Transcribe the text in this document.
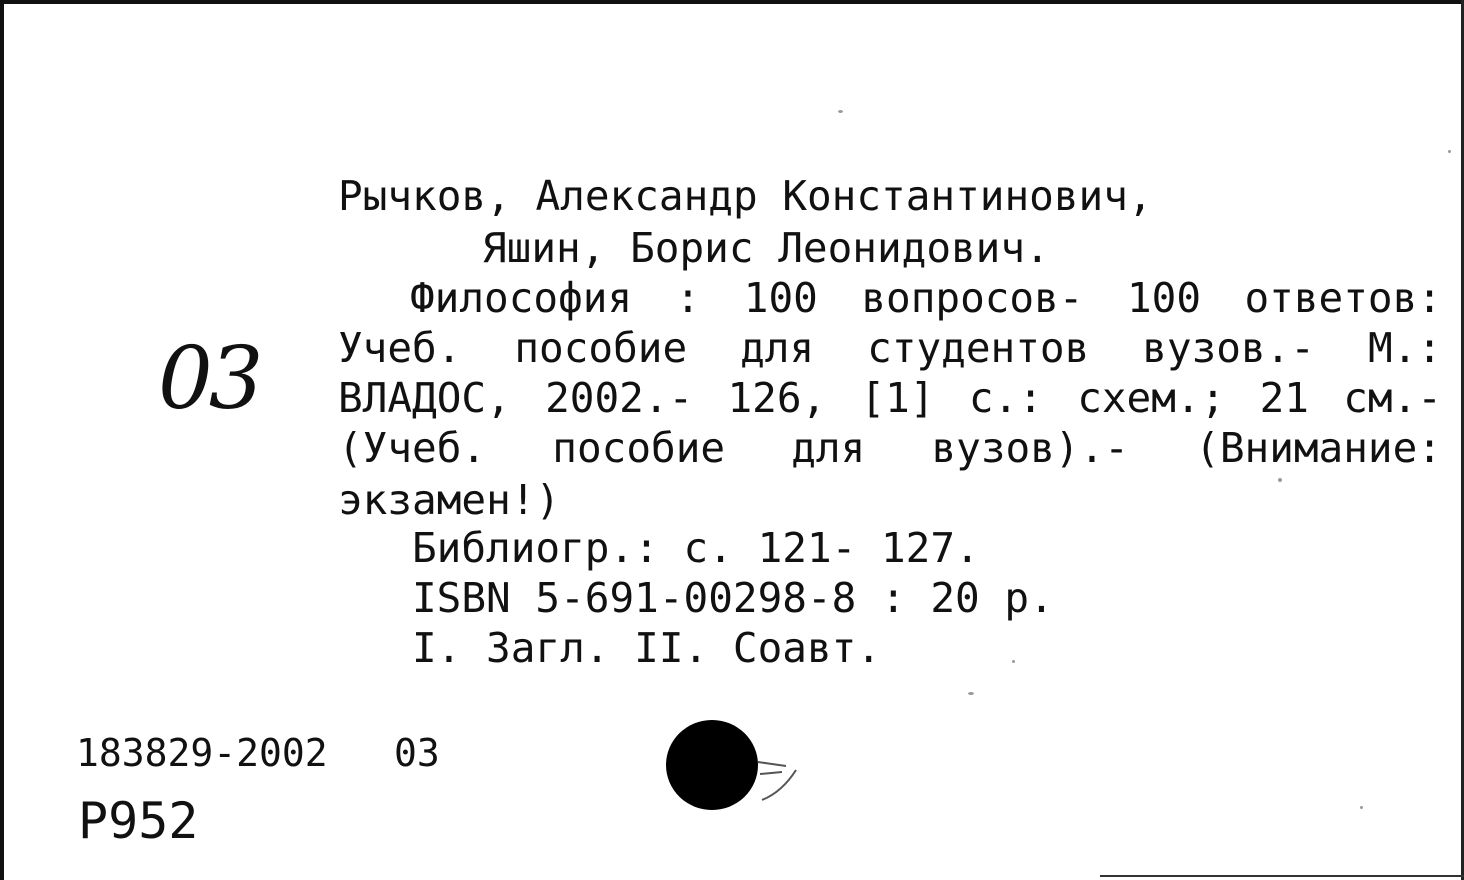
03
Рычков, Александр Константинович,
Яшин, Борис Леонидович.
Философия : 100 вопросов- 100 ответов:
Учеб. пособие для студентов вузов.- М.:
ВЛАДОС, 2002.- 126, [1] с.: схем.; 21 см.-
(Учеб. пособие для вузов).- (Внимание:
экзамен!)
Библиогр.: с. 121- 127.
ISBN 5-691-00298-8 : 20 р.
I. Загл. II. Соавт.
183829-2002 03
Р952
